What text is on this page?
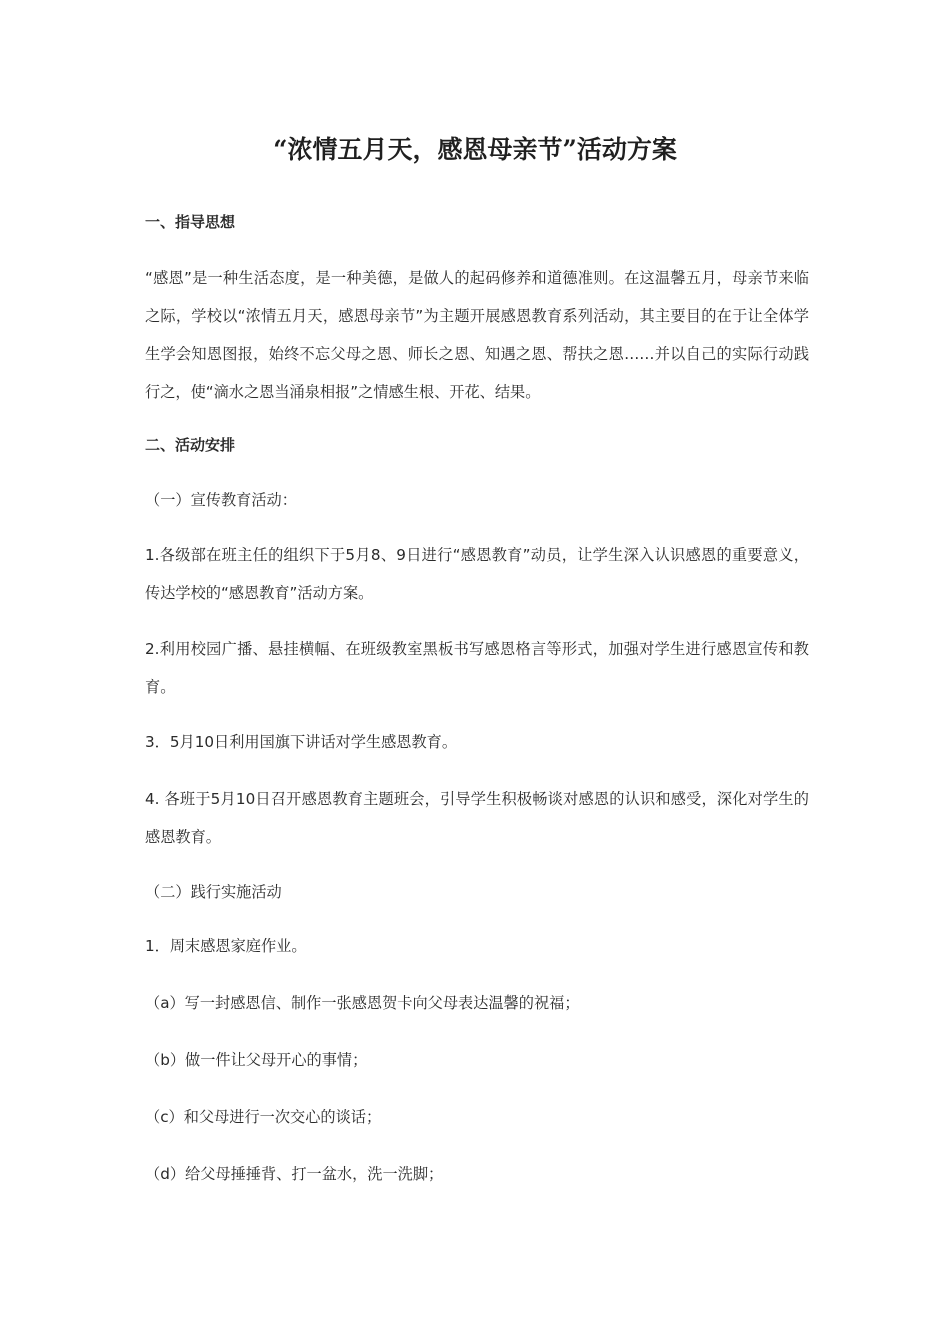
“浓情五月天，感恩母亲节”活动方案
一、指导思想

“感恩”是一种生活态度，是一种美德，是做人的起码修养和道德准则。在这温馨五月，母亲节来临之际，学校以“浓情五月天，感恩母亲节”为主题开展感恩教育系列活动，其主要目的在于让全体学生学会知恩图报，始终不忘父母之恩、师长之恩、知遇之恩、帮扶之恩……并以自己的实际行动践行之，使“滴水之恩当涌泉相报”之情感生根、开花、结果。

二、活动安排
（一）宣传教育活动：

1.各级部在班主任的组织下于5月8、9日进行“感恩教育”动员，让学生深入认识感恩的重要意义，传达学校的“感恩教育”活动方案。

2.利用校园广播、悬挂横幅、在班级教室黑板书写感恩格言等形式，加强对学生进行感恩宣传和教育。

3．5月10日利用国旗下讲话对学生感恩教育。

4. 各班于5月10日召开感恩教育主题班会，引导学生积极畅谈对感恩的认识和感受，深化对学生的感恩教育。

（二）践行实施活动
1．周末感恩家庭作业。
（a）写一封感恩信、制作一张感恩贺卡向父母表达温馨的祝福；
（b）做一件让父母开心的事情；
（c）和父母进行一次交心的谈话；
（d）给父母捶捶背、打一盆水，洗一洗脚；
